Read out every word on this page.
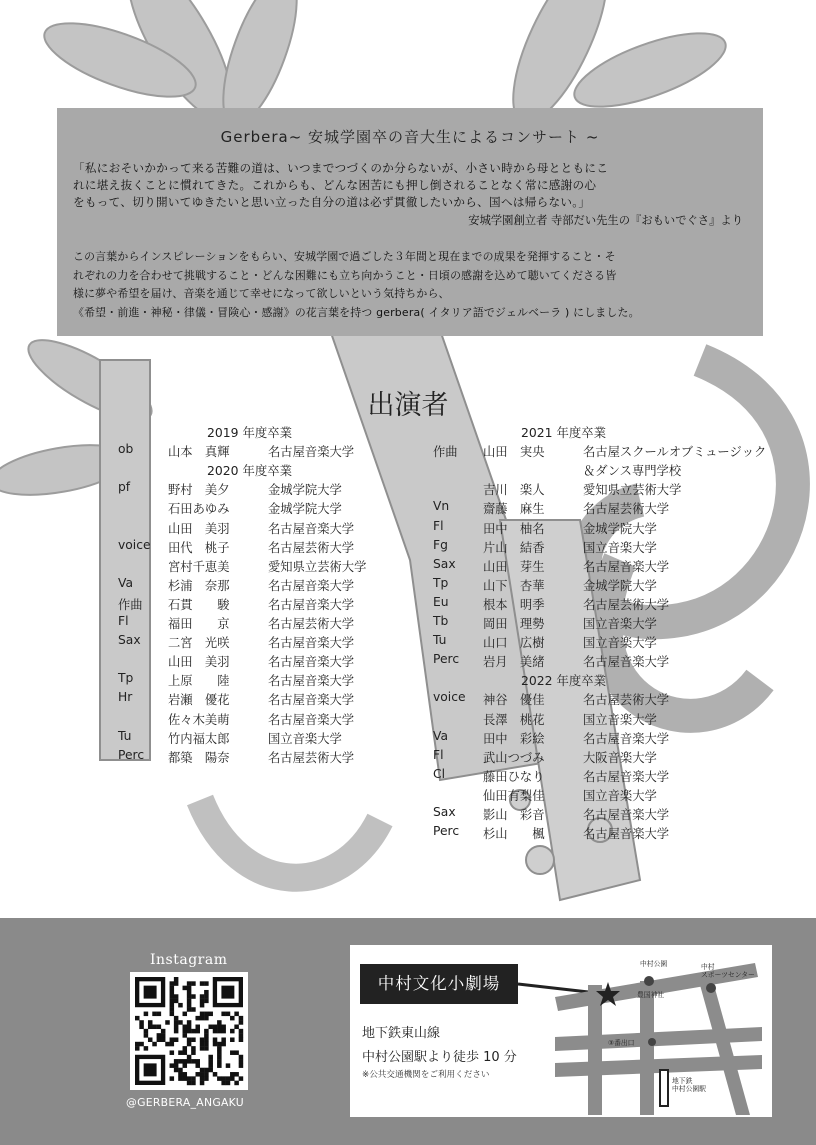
Gerbera~ 安城学園卒の音大生によるコンサート ~
「私におそいかかって来る苦難の道は、いつまでつづくのか分らないが、小さい時から母とともにこ
れに堪え抜くことに慣れてきた。これからも、どんな困苦にも押し倒されることなく常に感謝の心
をもって、切り開いてゆきたいと思い立った自分の道は必ず貫徹したいから、国へは帰らない。」
安城学園創立者 寺部だい先生の『おもいでぐさ』より
この言葉からインスピレーションをもらい、安城学園で過ごした３年間と現在までの成果を発揮すること・そ
れぞれの力を合わせて挑戦すること・どんな困難にも立ち向かうこと・日頃の感謝を込めて聴いてくださる皆
様に夢や希望を届け、音楽を通じて幸せになって欲しいという気持ちから、
《希望・前進・神秘・律儀・冒険心・感謝》の花言葉を持つ gerbera( イタリア語でジェルベーラ ) にしました。
出演者
2019 年度卒業
ob	山本　真輝	名古屋音楽大学
2020 年度卒業
pf	野村　美夕	金城学院大学
石田あゆみ	金城学院大学
山田　美羽	名古屋音楽大学
voice 田代　桃子	名古屋芸術大学
宮村千恵美	愛知県立芸術大学
Va	杉浦　奈那	名古屋音楽大学
作曲 石貫　　駿	名古屋音楽大学
Fl	福田　　京	名古屋芸術大学
Sax 二宮　光咲	名古屋音楽大学
山田　美羽	名古屋音楽大学
Tp	上原　　陸	名古屋音楽大学
Hr	岩瀬　優花	名古屋音楽大学
佐々木美萌	名古屋音楽大学
Tu	竹内福太郎	国立音楽大学
Perc 都築　陽奈	名古屋芸術大学
2021 年度卒業
作曲 山田　実央	名古屋スクールオブミュージック
＆ダンス専門学校
吉川　楽人	愛知県立芸術大学
Vn	齋藤　麻生	名古屋芸術大学
Fl	田中　柚名	金城学院大学
Fg	片山　結香	国立音楽大学
Sax 山田　芽生	名古屋音楽大学
Tp	山下　杏華	金城学院大学
Eu	根本　明季	名古屋芸術大学
Tb	岡田　理勢	国立音楽大学
Tu	山口　広樹	国立音楽大学
Perc 岩月　美緒	名古屋音楽大学
2022 年度卒業
voice 神谷　優佳	名古屋芸術大学
長澤　桃花	国立音楽大学
Va	田中　彩絵	名古屋音楽大学
Fl	武山つづみ	大阪音楽大学
Cl	藤田ひなり	名古屋音楽大学
仙田有梨佳	国立音楽大学
Sax 影山　彩音	名古屋音楽大学
Perc 杉山　　楓	名古屋音楽大学
Instagram
@GERBERA_ANGAKU
中村文化小劇場
地下鉄東山線
中村公園駅より徒歩 10 分
※公共交通機関をご利用ください
中村公園
豊国神社
中村
スポーツセンター
③番出口
地下鉄
中村公園駅
